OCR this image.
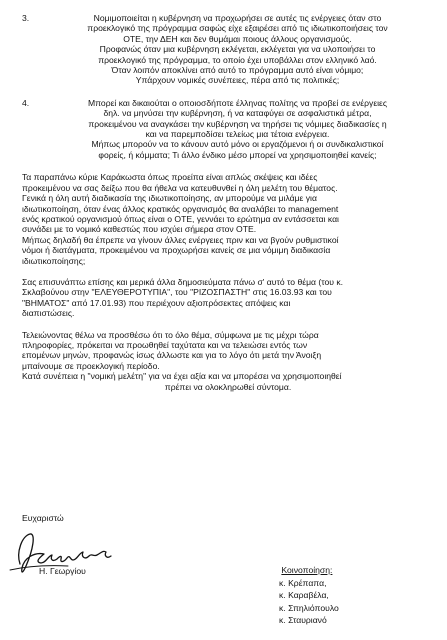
3.	Νομιμοποιείται η κυβέρνηση να προχωρήσει σε αυτές τις ενέργειες όταν στο
προεκλογικό της πρόγραμμα σαφώς είχε εξαιρέσει από τις ιδιωτικοποιήσεις τον
ΟΤΕ, την ΔΕΗ και δεν θυμάμαι ποιους άλλους οργανισμούς.
Προφανώς όταν μια κυβέρνηση εκλέγεται, εκλέγεται για να υλοποιήσει το
προεκλογικό της πρόγραμμα, το οποίο έχει υποβάλλει στον ελληνικό λαό.
Όταν λοιπόν αποκλίνει από αυτό το πρόγραμμα αυτό είναι νόμιμο;
Υπάρχουν νομικές συνέπειες, πέρα από τις πολιτικές;
4.	Μπορεί και δικαιούται ο οποιοσδήποτε έλληνας πολίτης να προβεί σε ενέργειες
δηλ. να μηνύσει την κυβέρνηση, ή να καταφύγει σε ασφαλιστικά μέτρα,
προκειμένου να αναγκάσει την κυβέρνηση να τηρήσει τις νόμιμες διαδικασίες η
και να παρεμποδίσει τελείως μια τέτοια ενέργεια.
Μήπως μπορούν να το κάνουν αυτό μόνο οι εργαζόμενοι ή οι συνδικαλιστικοί
φορείς, ή κόμματα; Τι άλλο ένδικο μέσο μπορεί να χρησιμοποιηθεί κανείς;
Τα παραπάνω κύριε Καράκωστα όπως προείπα είναι απλώς σκέψεις και ιδέες
προκειμένου να σας δείξω που θα ήθελα να κατευθυνθεί η όλη μελέτη του θέματος.
Γενικά η όλη αυτή διαδικασία της ιδιωτικοποίησης, αν μπορούμε να μιλάμε για
ιδιωτικοποίηση, όταν ένας άλλος κρατικός οργανισμός θα αναλάβει το management
ενός κρατικού οργανισμού όπως είναι ο ΟΤΕ, γεννάει το ερώτημα αν εντάσσεται και
συνάδει με το νομικό καθεστώς που ισχύει σήμερα στον ΟΤΕ.
Μήπως δηλαδή θα έπρεπε να γίνουν άλλες ενέργειες πριν και να βγούν ρυθμιστικοί
νόμοι ή διατάγματα, προκειμένου να προχωρήσει κανείς σε μια νόμιμη διαδικασία
ιδιωτικοποίησης;
Σας επισυνάπτω επίσης και μερικά άλλα δημοσιεύματα πάνω σ' αυτό το θέμα (του κ.
Σκλαβούνου στην "ΕΛΕΥΘΕΡΟΤΥΠΙΑ", του "ΡΙΖΟΣΠΑΣΤΗ" στις 16.03.93 και του
"ΒΗΜΑΤΟΣ" από 17.01.93) που περιέχουν αξιοπρόσεκτες απόψεις και
διαπιστώσεις.
Τελειώνοντας θέλω να προσθέσω ότι το όλο θέμα, σύμφωνα με τις μέχρι τώρα
πληροφορίες, πρόκειται να προωθηθεί ταχύτατα και να τελειώσει εντός των
επομένων μηνών, προφανώς ίσως άλλωστε και για το λόγο ότι μετά την Άνοιξη
μπαίνουμε σε προεκλογική περίοδο.
Κατά συνέπεια η "νομική μελέτη" για να έχει αξία και να μπορέσει να χρησιμοποιηθεί
πρέπει να ολοκληρωθεί σύντομα.
Ευχαριστώ
Η. Γεωργίου	Κοινοποίηση:
κ. Κρέπαπα,
κ. Καραβέλα,
κ. Σπηλιόπουλο
κ. Σταυριανό
